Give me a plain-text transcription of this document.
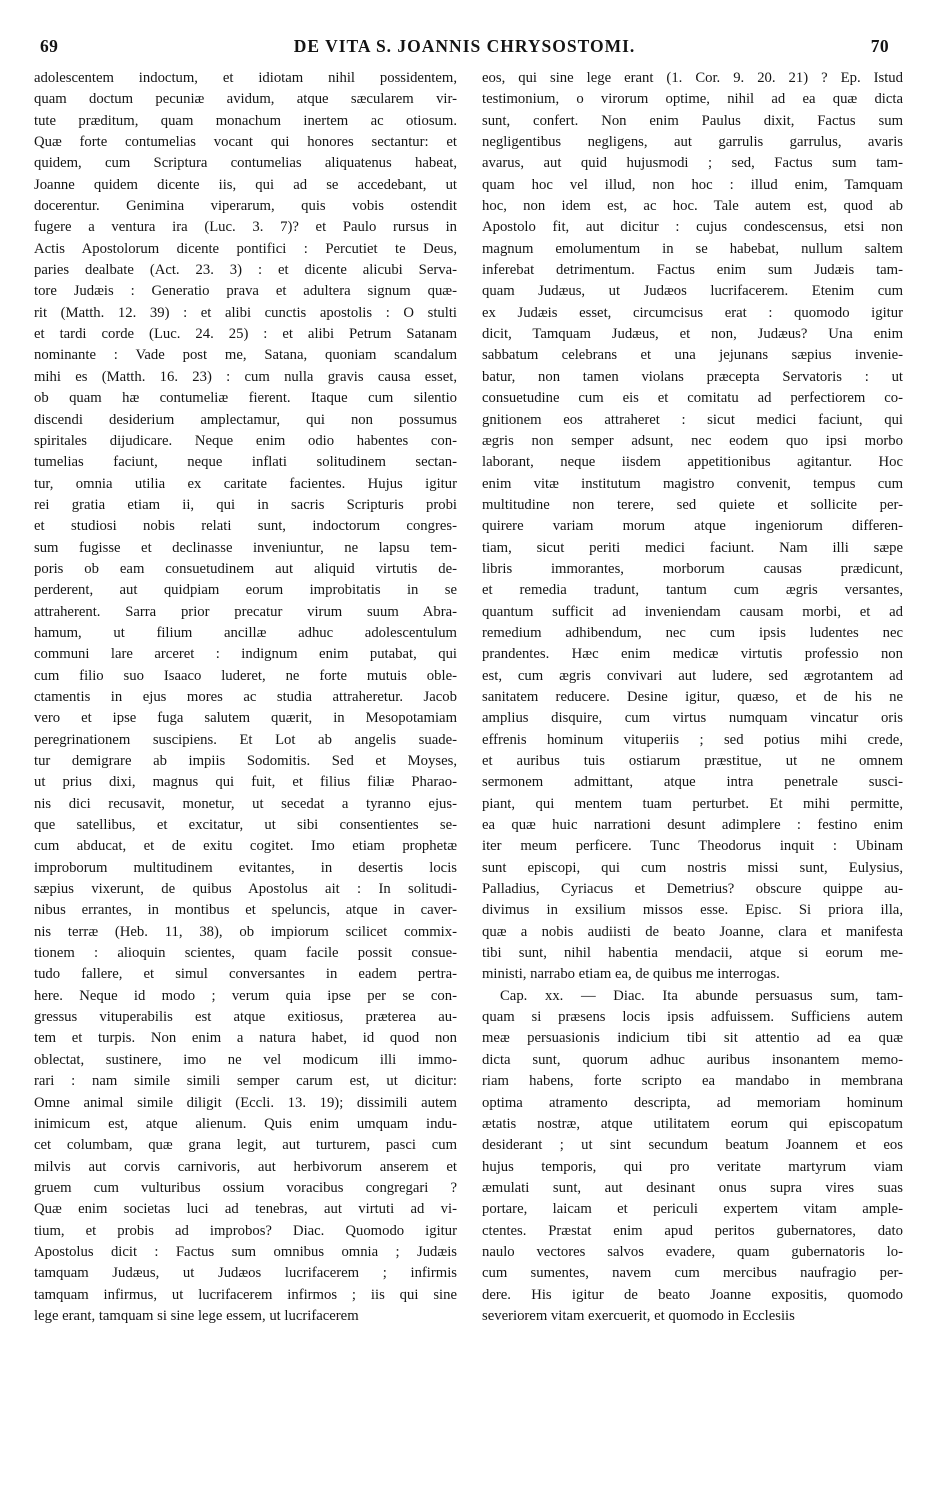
69	DE VITA S. JOANNIS CHRYSOSTOMI.	70
adolescentem indoctum, et idiotam nihil possidentem,
quam doctum pecuniæ avidum, atque sæcularem vir-
tute præditum, quam monachum inertem ac otiosum.
Quæ forte contumelias vocant qui honores sectantur: et
quidem, cum Scriptura contumelias aliquatenus habeat,
Joanne quidem dicente iis, qui ad se accedebant, ut
docerentur. Genimina viperarum, quis vobis ostendit
fugere a ventura ira (Luc. 3. 7)? et Paulo rursus in
Actis Apostolorum dicente pontifici : Percutiet te Deus,
paries dealbate (Act. 23. 3) : et dicente alicubi Serva-
tore Judæis : Generatio prava et adultera signum quæ-
rit (Matth. 12. 39) : et alibi cunctis apostolis : O stulti
et tardi corde (Luc. 24. 25) : et alibi Petrum Satanam
nominante : Vade post me, Satana, quoniam scandalum
mihi es (Matth. 16. 23) : cum nulla gravis causa esset,
ob quam hæ contumeliæ fierent. Itaque cum silentio
discendi desiderium amplectamur, qui non possumus
spiritales dijudicare. Neque enim odio habentes con-
tumelias faciunt, neque inflati solitudinem sectan-
tur, omnia utilia ex caritate facientes. Hujus igitur
rei gratia etiam ii, qui in sacris Scripturis probi
et studiosi nobis relati sunt, indoctorum congres-
sum fugisse et declinasse inveniuntur, ne lapsu tem-
poris ob eam consuetudinem aut aliquid virtutis de-
perderent, aut quidpiam eorum improbitatis in se
attraherent. Sarra prior precatur virum suum Abra-
hamum, ut filium ancillæ adhuc adolescentulum
communi lare arceret : indignum enim putabat, qui
cum filio suo Isaaco luderet, ne forte mutuis oble-
ctamentis in ejus mores ac studia attraheretur. Jacob
vero et ipse fuga salutem quærit, in Mesopotamiam
peregrinationem suscipiens. Et Lot ab angelis suade-
tur demigrare ab impiis Sodomitis. Sed et Moyses,
ut prius dixi, magnus qui fuit, et filius filiæ Pharao-
nis dici recusavit, monetur, ut secedat a tyranno ejus-
que satellibus, et excitatur, ut sibi consentientes se-
cum abducat, et de exitu cogitet. Imo etiam prophetæ
improborum multitudinem evitantes, in desertis locis
sæpius vixerunt, de quibus Apostolus ait : In solitudi-
nibus errantes, in montibus et speluncis, atque in caver-
nis terræ (Heb. 11, 38), ob impiorum scilicet commix-
tionem : alioquin scientes, quam facile possit consue-
tudo fallere, et simul conversantes in eadem pertra-
here. Neque id modo ; verum quia ipse per se con-
gressus vituperabilis est atque exitiosus, præterea au-
tem et turpis. Non enim a natura habet, id quod non
oblectat, sustinere, imo ne vel modicum illi immo-
rari : nam simile simili semper carum est, ut dicitur:
Omne animal simile diligit (Eccli. 13. 19); dissimili autem
inimicum est, atque alienum. Quis enim umquam indu-
cet columbam, quæ grana legit, aut turturem, pasci cum
milvis aut corvis carnivoris, aut herbivorum anserem et
gruem cum vulturibus ossium voracibus congregari ?
Quæ enim societas luci ad tenebras, aut virtuti ad vi-
tium, et probis ad improbos? Diac. Quomodo igitur
Apostolus dicit : Factus sum omnibus omnia ; Judæis
tamquam Judæus, ut Judæos lucrifacerem ; infirmis
tamquam infirmus, ut lucrifacerem infirmos ; iis qui sine
lege erant, tamquam si sine lege essem, ut lucrifacerem
eos, qui sine lege erant (1. Cor. 9. 20. 21) ? Ep. Istud
testimonium, o virorum optime, nihil ad ea quæ dicta
sunt, confert. Non enim Paulus dixit, Factus sum
negligentibus negligens, aut garrulis garrulus, avaris
avarus, aut quid hujusmodi ; sed, Factus sum tam-
quam hoc vel illud, non hoc : illud enim, Tamquam
hoc, non idem est, ac hoc. Tale autem est, quod ab
Apostolo fit, aut dicitur : cujus condescensus, etsi non
magnum emolumentum in se habebat, nullum saltem
inferebat detrimentum. Factus enim sum Judæis tam-
quam Judæus, ut Judæos lucrifacerem. Etenim cum
ex Judæis esset, circumcisus erat : quomodo igitur
dicit, Tamquam Judæus, et non, Judæus? Una enim
sabbatum celebrans et una jejunans sæpius invenie-
batur, non tamen violans præcepta Servatoris : ut
consuetudine cum eis et comitatu ad perfectiorem co-
gnitionem eos attraheret : sicut medici faciunt, qui
ægris non semper adsunt, nec eodem quo ipsi morbo
laborant, neque iisdem appetitionibus agitantur. Hoc
enim vitæ institutum magistro convenit, tempus cum
multitudine non terere, sed quiete et sollicite per-
quirere variam morum atque ingeniorum differen-
tiam, sicut periti medici faciunt. Nam illi sæpe
libris immorantes, morborum causas prædicunt,
et remedia tradunt, tantum cum ægris versantes,
quantum sufficit ad inveniendam causam morbi, et ad
remedium adhibendum, nec cum ipsis ludentes nec
prandentes. Hæc enim medicæ virtutis professio non
est, cum ægris convivari aut ludere, sed ægrotantem ad
sanitatem reducere. Desine igitur, quæso, et de his ne
amplius disquire, cum virtus numquam vincatur oris
effrenis hominum vituperiis ; sed potius mihi crede,
et auribus tuis ostiarum præstitue, ut ne omnem
sermonem admittant, atque intra penetrale susci-
piant, qui mentem tuam perturbet. Et mihi permitte,
ea quæ huic narrationi desunt adimplere : festino enim
iter meum perficere. Tunc Theodorus inquit : Ubinam
sunt episcopi, qui cum nostris missi sunt, Eulysius,
Palladius, Cyriacus et Demetrius? obscure quippe au-
divimus in exsilium missos esse. Episc. Si priora illa,
quæ a nobis audiisti de beato Joanne, clara et manifesta
tibi sunt, nihil habentia mendacii, atque si eorum me-
ministi, narrabo etiam ea, de quibus me interrogas.
Cap. xx. — Diac. Ita abunde persuasus sum, tam-
quam si præsens locis ipsis adfuissem. Sufficiens autem
meæ persuasionis indicium tibi sit attentio ad ea quæ
dicta sunt, quorum adhuc auribus insonantem memo-
riam habens, forte scripto ea mandabo in membrana
optima atramento descripta, ad memoriam hominum
ætatis nostræ, atque utilitatem eorum qui episcopatum
desiderant ; ut sint secundum beatum Joannem et eos
hujus temporis, qui pro veritate martyrum viam
æmulati sunt, aut desinant onus supra vires suas
portare, laicam et periculi expertem vitam ample-
ctentes. Præstat enim apud peritos gubernatores, dato
naulo vectores salvos evadere, quam gubernatoris lo-
cum sumentes, navem cum mercibus naufragio per-
dere. His igitur de beato Joanne expositis, quomodo
severiorem vitam exercuerit, et quomodo in Ecclesiis
